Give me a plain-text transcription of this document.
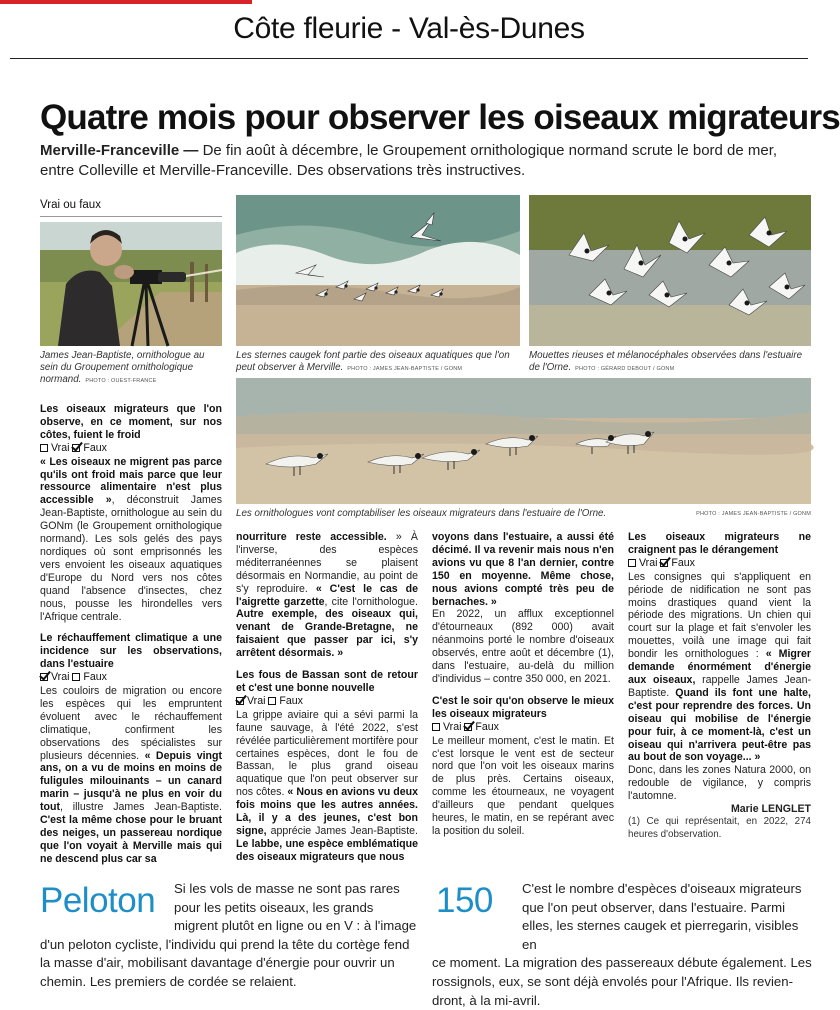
Côte fleurie - Val-ès-Dunes
Quatre mois pour observer les oiseaux migrateurs
Merville-Franceville — De fin août à décembre, le Groupement ornithologique normand scrute le bord de mer, entre Colleville et Merville-Franceville. Des observations très instructives.
Vrai ou faux
James Jean-Baptiste, ornithologue au sein du Groupement ornithologique normand. PHOTO : OUEST-FRANCE
Les sternes caugek font partie des oiseaux aquatiques que l'on peut observer à Merville. PHOTO : JAMES JEAN-BAPTISTE / GONM
Mouettes rieuses et mélanocéphales observées dans l'estuaire de l'Orne. PHOTO : GÉRARD DEBOUT / GONM
Les ornithologues vont comptabiliser les oiseaux migrateurs dans l'estuaire de l'Orne.	PHOTO : JAMES JEAN-BAPTISTE / GONM

Les oiseaux migrateurs que l'on observe, en ce moment, sur nos côtes, fuient le froid

Vrai Faux

« Les oiseaux ne migrent pas parce qu'ils ont froid mais parce que leur ressource alimentaire n'est plus accessible », déconstruit James Jean-Baptiste, ornithologue au sein du GONm (le Groupement ornithologique normand). Les sols gelés des pays nordiques où sont emprisonnés les vers envoient les oiseaux aquatiques d'Europe du Nord vers nos côtes quand l'absence d'insectes, chez nous, pousse les hirondelles vers l'Afrique centrale.

Le réchauffement climatique a une incidence sur les observations, dans l'estuaire

Vrai Faux

Les couloirs de migration ou encore les espèces qui les empruntent évoluent avec le réchauffement climatique, confirment les observations des spécialistes sur plusieurs décennies. « Depuis vingt ans, on a vu de moins en moins de fuligules milouinants – un canard marin – jusqu'à ne plus en voir du tout, illustre James Jean-Baptiste. C'est la même chose pour le bruant des neiges, un passereau nordique que l'on voyait à Merville mais qui ne descend plus car sa

nourriture reste accessible. » À l'inverse, des espèces méditerranéennes se plaisent désormais en Normandie, au point de s'y reproduire. « C'est le cas de l'aigrette garzette, cite l'ornithologue. Autre exemple, des oiseaux qui, venant de Grande-Bretagne, ne faisaient que passer par ici, s'y arrêtent désormais. »

Les fous de Bassan sont de retour et c'est une bonne nouvelle

Vrai Faux

La grippe aviaire qui a sévi parmi la faune sauvage, à l'été 2022, s'est révélée particulièrement mortifère pour certaines espèces, dont le fou de Bassan, le plus grand oiseau aquatique que l'on peut observer sur nos côtes. « Nous en avions vu deux fois moins que les autres années. Là, il y a des jeunes, c'est bon signe, apprécie James Jean-Baptiste. Le labbe, une espèce emblématique des oiseaux migrateurs que nous

voyons dans l'estuaire, a aussi été décimé. Il va revenir mais nous n'en avions vu que 8 l'an dernier, contre 150 en moyenne. Même chose, nous avions compté très peu de bernaches. »

En 2022, un afflux exceptionnel d'étourneaux (892 000) avait néanmoins porté le nombre d'oiseaux observés, entre août et décembre (1), dans l'estuaire, au-delà du million d'individus – contre 350 000, en 2021.

C'est le soir qu'on observe le mieux les oiseaux migrateurs

Vrai Faux

Le meilleur moment, c'est le matin. Et c'est lorsque le vent est de secteur nord que l'on voit les oiseaux marins de plus près. Certains oiseaux, comme les étourneaux, ne voyagent d'ailleurs que pendant quelques heures, le matin, en se repérant avec la position du soleil.

Les oiseaux migrateurs ne craignent pas le dérangement

Vrai Faux

Les consignes qui s'appliquent en période de nidification ne sont pas moins drastiques quand vient la période des migrations. Un chien qui court sur la plage et fait s'envoler les mouettes, voilà une image qui fait bondir les ornithologues : « Migrer demande énormément d'énergie aux oiseaux, rappelle James Jean-Baptiste. Quand ils font une halte, c'est pour reprendre des forces. Un oiseau qui mobilise de l'énergie pour fuir, à ce moment-là, c'est un oiseau qui n'arrivera peut-être pas au bout de son voyage... »

Donc, dans les zones Natura 2000, on redouble de vigilance, y compris l'automne.

Marie LENGLET

(1) Ce qui représentait, en 2022, 274 heures d'observation.

Peloton	Si les vols de masse ne sont pas rares
pour les petits oiseaux, les grands
migrent plutôt en ligne ou en V : à l'image
d'un peloton cycliste, l'individu qui prend la tête du cortège fend
la masse d'air, mobilisant davantage d'énergie pour ouvrir un
chemin. Les premiers de cordée se relaient.
150	C'est le nombre d'espèces d'oiseaux migrateurs
que l'on peut observer, dans l'estuaire. Parmi
elles, les sternes caugek et pierregarin, visibles en
ce moment. La migration des passereaux débute également. Les
rossignols, eux, se sont déjà envolés pour l'Afrique. Ils revien-
dront, à la mi-avril.
